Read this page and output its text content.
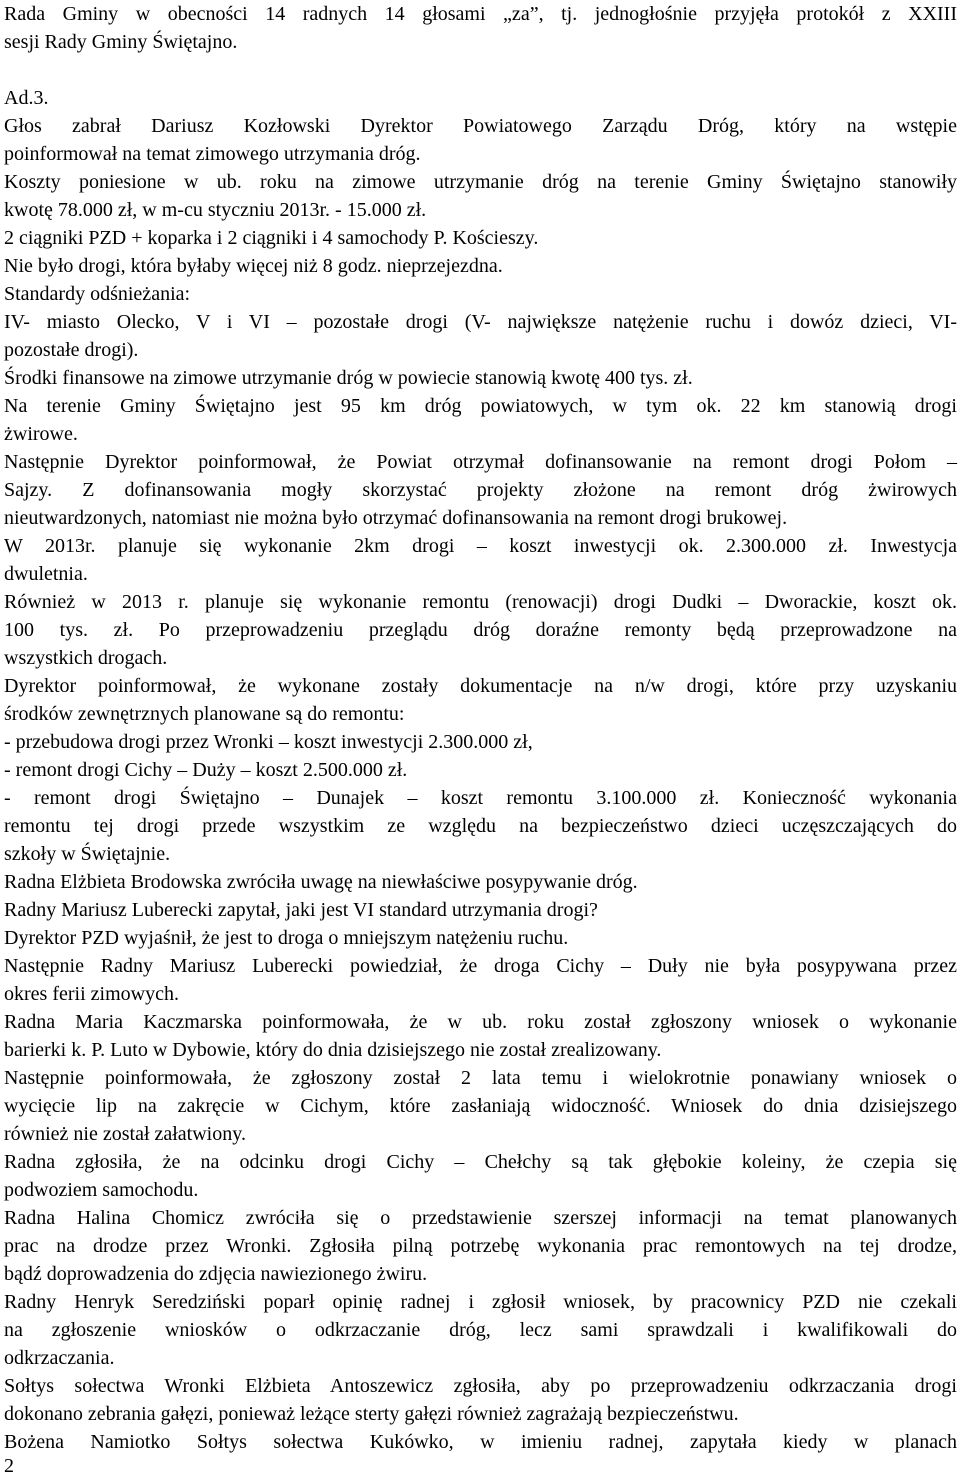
Rada Gminy w obecności 14 radnych 14 głosami „za”, tj. jednogłośnie przyjęła protokół z XXIII
sesji Rady Gminy Świętajno.
Ad.3.
Głos zabrał Dariusz Kozłowski Dyrektor Powiatowego Zarządu Dróg, który na wstępie
poinformował na temat zimowego utrzymania dróg.
Koszty poniesione w ub. roku na zimowe utrzymanie dróg na terenie Gminy Świętajno stanowiły
kwotę 78.000 zł, w m-cu styczniu 2013r. - 15.000 zł.
2 ciągniki PZD + koparka i 2 ciągniki i 4 samochody P. Kościeszy.
Nie było drogi, która byłaby więcej niż 8 godz. nieprzejezdna.
Standardy odśnieżania:
IV- miasto Olecko, V i VI – pozostałe drogi (V- największe natężenie ruchu i dowóz dzieci, VI-
pozostałe drogi).
Środki finansowe na zimowe utrzymanie dróg w powiecie stanowią kwotę 400 tys. zł.
Na terenie Gminy Świętajno jest 95 km dróg powiatowych, w tym ok. 22 km stanowią drogi
żwirowe.
Następnie Dyrektor poinformował, że Powiat otrzymał dofinansowanie na remont drogi Połom –
Sajzy. Z dofinansowania mogły skorzystać projekty złożone na remont dróg żwirowych
nieutwardzonych, natomiast nie można było otrzymać dofinansowania na remont drogi brukowej.
W 2013r. planuje się wykonanie 2km drogi – koszt inwestycji ok. 2.300.000 zł. Inwestycja
dwuletnia.
Również w 2013 r. planuje się wykonanie remontu (renowacji) drogi Dudki – Dworackie, koszt ok.
100 tys. zł. Po przeprowadzeniu przeglądu dróg doraźne remonty będą przeprowadzone na
wszystkich drogach.
Dyrektor poinformował, że wykonane zostały dokumentacje na n/w drogi, które przy uzyskaniu
środków zewnętrznych planowane są do remontu:
- przebudowa drogi przez Wronki – koszt inwestycji 2.300.000 zł,
- remont drogi Cichy – Duży – koszt 2.500.000 zł.
- remont drogi Świętajno – Dunajek – koszt remontu 3.100.000 zł. Konieczność wykonania
remontu tej drogi przede wszystkim ze względu na bezpieczeństwo dzieci uczęszczających do
szkoły w Świętajnie.
Radna Elżbieta Brodowska zwróciła uwagę na niewłaściwe posypywanie dróg.
Radny Mariusz Luberecki zapytał, jaki jest VI standard utrzymania drogi?
Dyrektor PZD wyjaśnił, że jest to droga o mniejszym natężeniu ruchu.
Następnie Radny Mariusz Luberecki powiedział, że droga Cichy – Duły nie była posypywana przez
okres ferii zimowych.
Radna Maria Kaczmarska poinformowała, że w ub. roku został zgłoszony wniosek o wykonanie
barierki k. P. Luto w Dybowie, który do dnia dzisiejszego nie został zrealizowany.
Następnie poinformowała, że zgłoszony został 2 lata temu i wielokrotnie ponawiany wniosek o
wycięcie lip na zakręcie w Cichym, które zasłaniają widoczność. Wniosek do dnia dzisiejszego
również nie został załatwiony.
Radna zgłosiła, że na odcinku drogi Cichy – Chełchy są tak głębokie koleiny, że czepia się
podwoziem samochodu.
Radna Halina Chomicz zwróciła się o przedstawienie szerszej informacji na temat planowanych
prac na drodze przez Wronki. Zgłosiła pilną potrzebę wykonania prac remontowych na tej drodze,
bądź doprowadzenia do zdjęcia nawiezionego żwiru.
Radny Henryk Seredziński poparł opinię radnej i zgłosił wniosek, by pracownicy PZD nie czekali
na zgłoszenie wniosków o odkrzaczanie dróg, lecz sami sprawdzali i kwalifikowali do
odkrzaczania.
Sołtys sołectwa Wronki Elżbieta Antoszewicz zgłosiła, aby po przeprowadzeniu odkrzaczania drogi
dokonano zebrania gałęzi, ponieważ leżące sterty gałęzi również zagrażają bezpieczeństwu.
Bożena Namiotko Sołtys sołectwa Kukówko, w imieniu radnej, zapytała kiedy w planach
2
